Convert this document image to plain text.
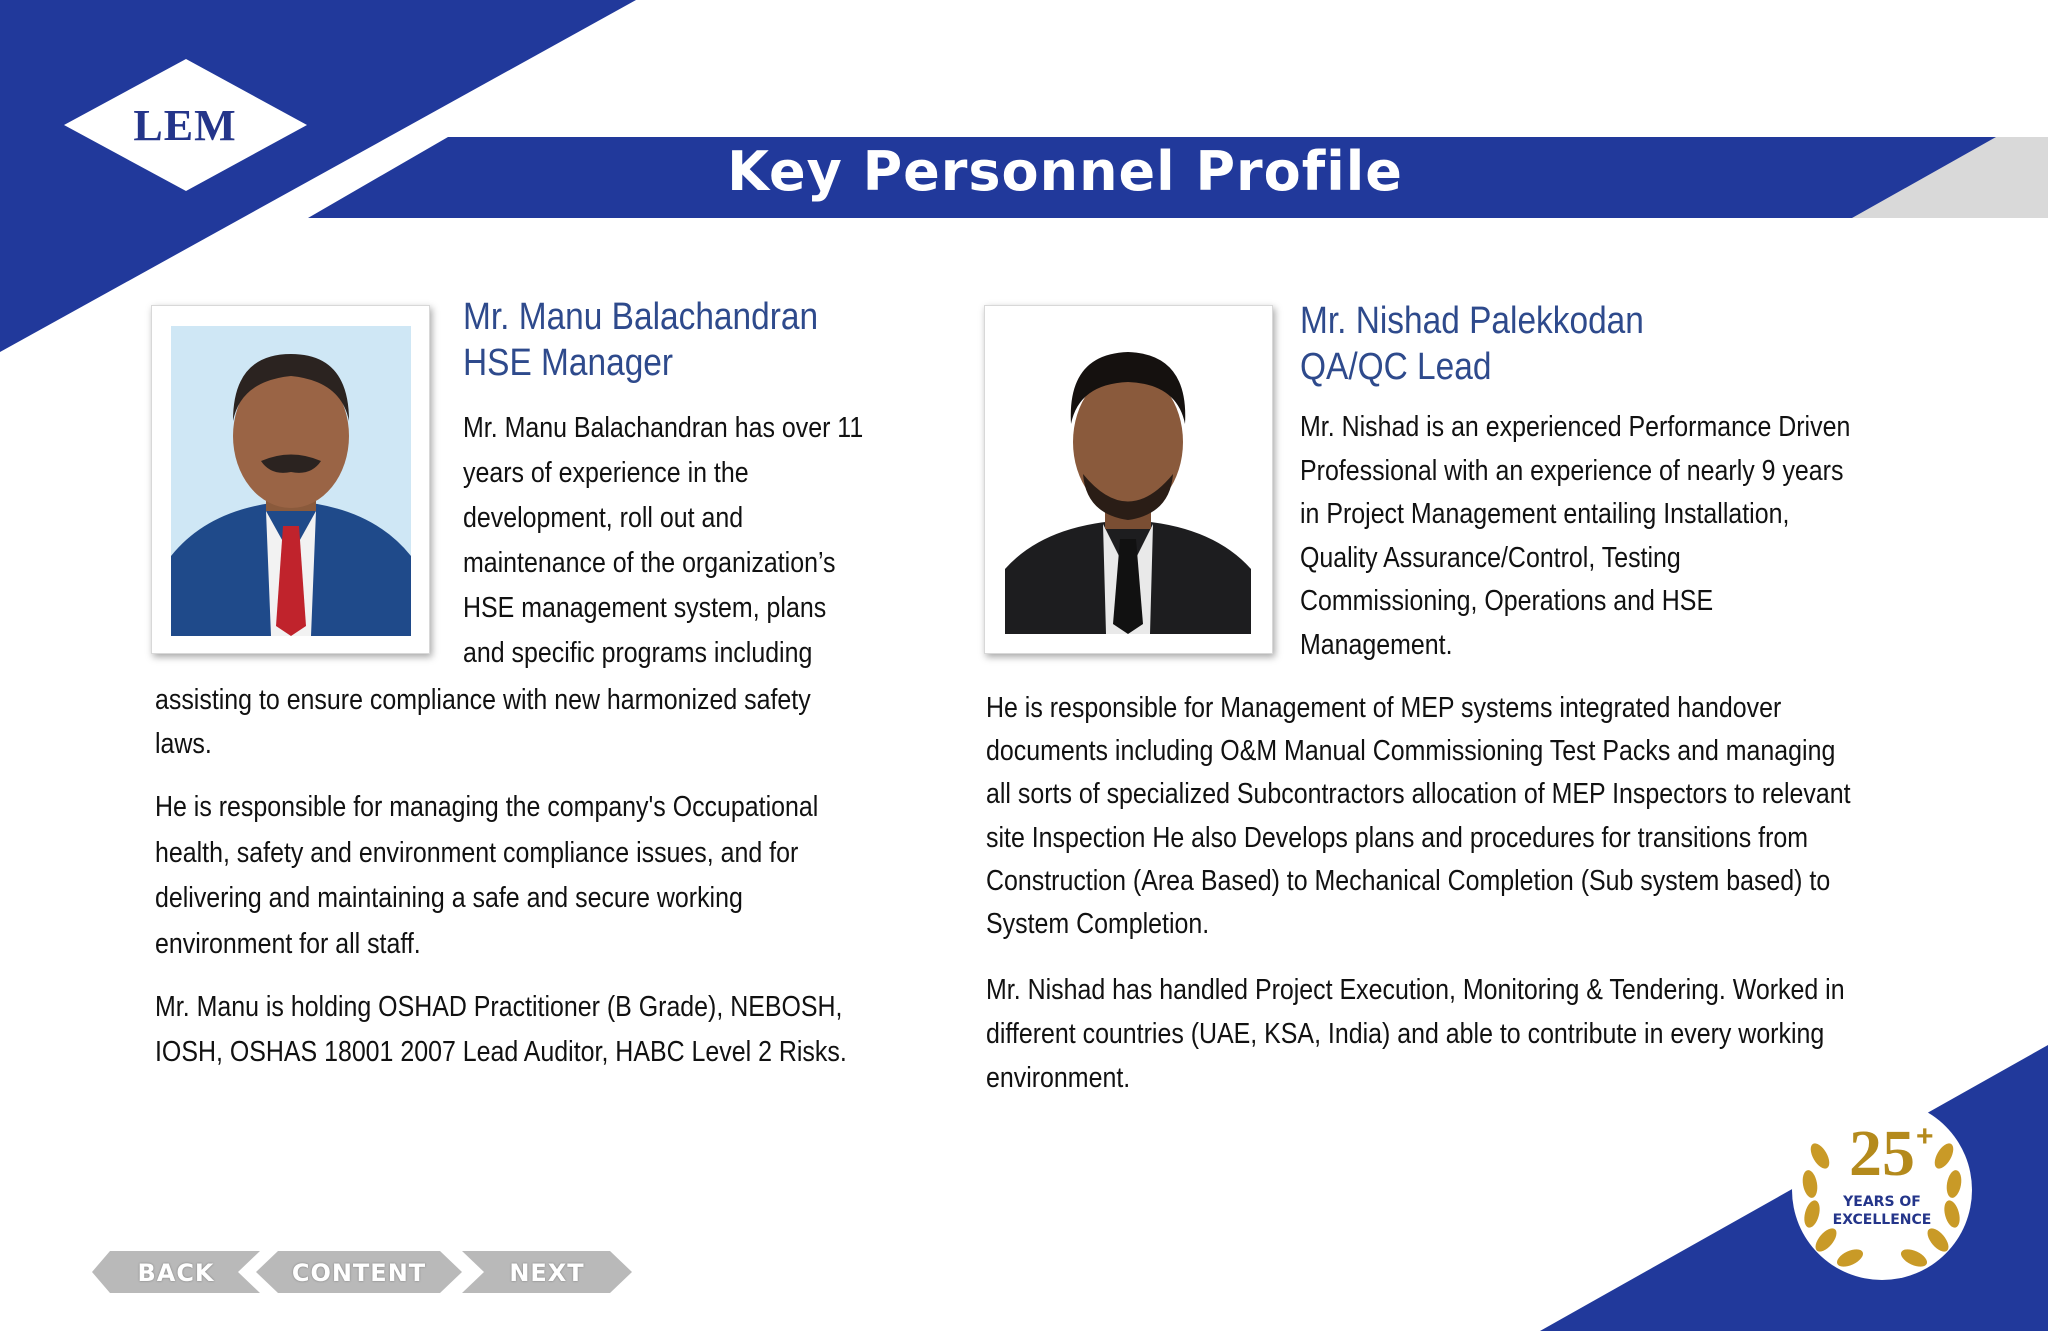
LEM
Key Personnel Profile
Mr. Manu Balachandran
HSE Manager
Mr. Manu Balachandran has over 11
years of experience in the
development, roll out and
maintenance of the organization’s
HSE management system, plans
and specific programs including
assisting to ensure compliance with new harmonized safety
laws.
He is responsible for managing the company's Occupational
health, safety and environment compliance issues, and for
delivering and maintaining a safe and secure working
environment for all staff.
Mr. Manu is holding OSHAD Practitioner (B Grade), NEBOSH,
IOSH, OSHAS 18001 2007 Lead Auditor, HABC Level 2 Risks.
Mr. Nishad Palekkodan
QA/QC Lead
Mr. Nishad is an experienced Performance Driven
Professional with an experience of nearly 9 years
in Project Management entailing Installation,
Quality Assurance/Control, Testing
Commissioning, Operations and HSE
Management.
He is responsible for Management of MEP systems integrated handover
documents including O&M Manual Commissioning Test Packs and managing
all sorts of specialized Subcontractors allocation of MEP Inspectors to relevant
site Inspection He also Develops plans and procedures for transitions from
Construction (Area Based) to Mechanical Completion (Sub system based) to
System Completion.
Mr. Nishad has handled Project Execution, Monitoring & Tendering. Worked in
different countries (UAE, KSA, India) and able to contribute in every working
environment.
BACK	CONTENT	NEXT
25 +
YEARS OF
EXCELLENCE
